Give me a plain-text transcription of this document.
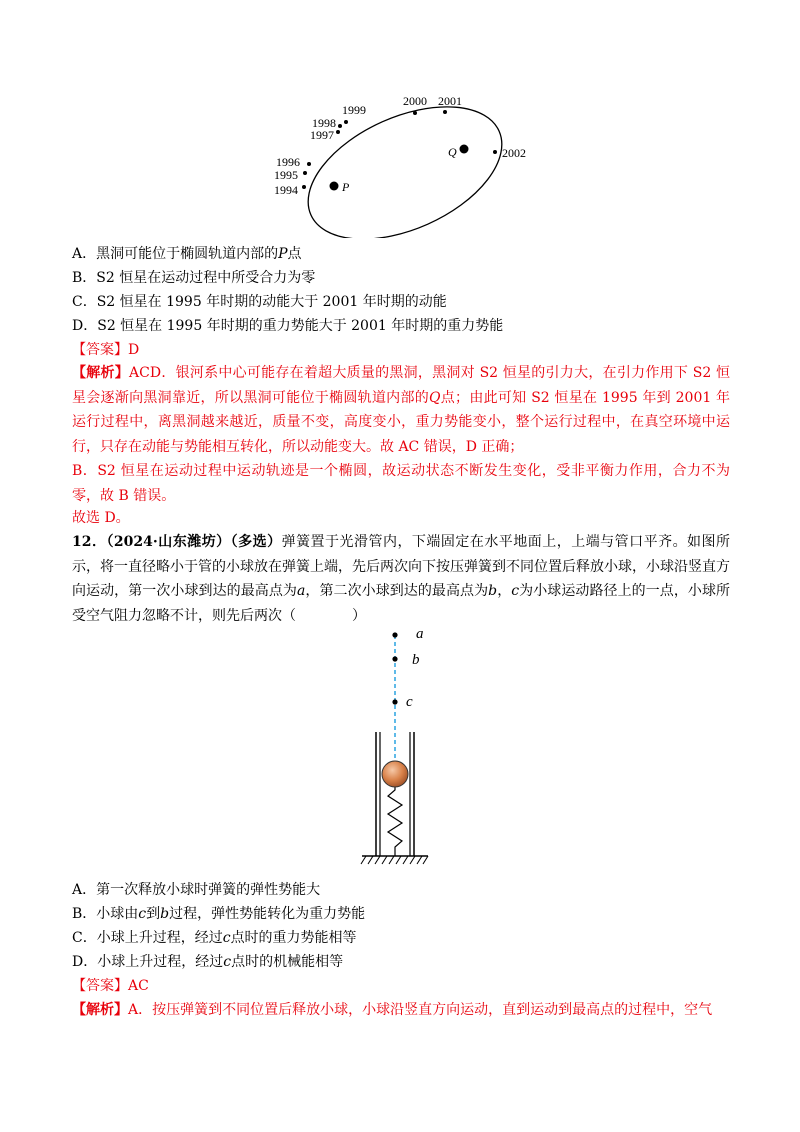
1999
1998
1997
1996
1995
1994
2000 2001
2002
Q
P
A．黑洞可能位于椭圆轨道内部的P点
B．S2 恒星在运动过程中所受合力为零
C．S2 恒星在 1995 年时期的动能大于 2001 年时期的动能
D．S2 恒星在 1995 年时期的重力势能大于 2001 年时期的重力势能
【答案】D
【解析】ACD．银河系中心可能存在着超大质量的黑洞，黑洞对 S2 恒星的引力大，在引力作用下 S2 恒星会逐渐向黑洞靠近，所以黑洞可能位于椭圆轨道内部的Q点；由此可知 S2 恒星在 1995 年到 2001 年运行过程中，离黑洞越来越近，质量不变，高度变小，重力势能变小，整个运行过程中，在真空环境中运行，只存在动能与势能相互转化，所以动能变大。故 AC 错误，D 正确；
B．S2 恒星在运动过程中运动轨迹是一个椭圆，故运动状态不断发生变化，受非平衡力作用，合力不为零，故 B 错误。
故选 D。
12．（2024·山东潍坊）（多选）弹簧置于光滑管内，下端固定在水平地面上，上端与管口平齐。如图所示，将一直径略小于管的小球放在弹簧上端，先后两次向下按压弹簧到不同位置后释放小球，小球沿竖直方向运动，第一次小球到达的最高点为a，第二次小球到达的最高点为b，c为小球运动路径上的一点，小球所受空气阻力忽略不计，则先后两次（　　　　）
a
b
c
A．第一次释放小球时弹簧的弹性势能大
B．小球由c到b过程，弹性势能转化为重力势能
C．小球上升过程，经过c点时的重力势能相等
D．小球上升过程，经过c点时的机械能相等
【答案】AC
【解析】A．按压弹簧到不同位置后释放小球，小球沿竖直方向运动，直到运动到最高点的过程中，空气
